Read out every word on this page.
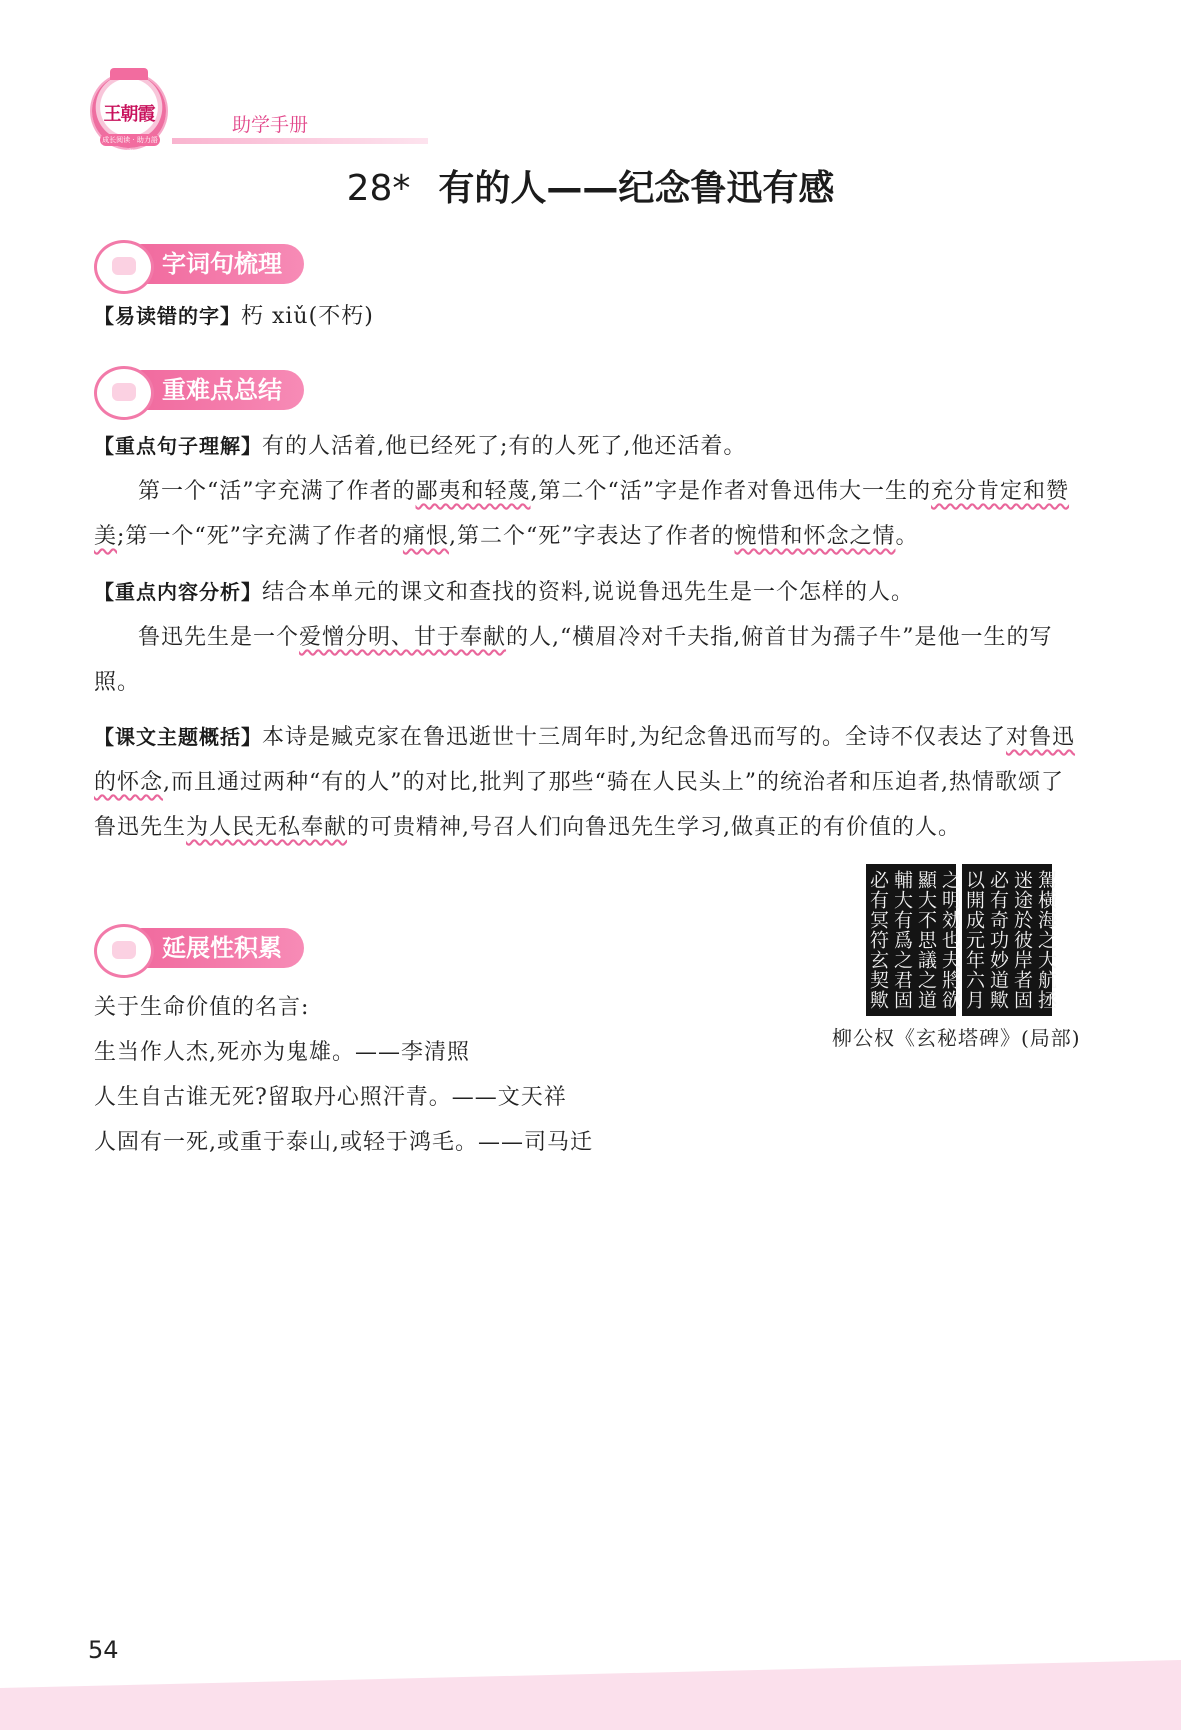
王朝霞
成长阅读 · 助力語文
助学手册
28* 有的人——纪念鲁迅有感
字词句梳理
【易读错的字】朽 xiǔ(不朽)
重难点总结
【重点句子理解】有的人活着,他已经死了;有的人死了,他还活着。
第一个“活”字充满了作者的鄙夷和轻蔑,第二个“活”字是作者对鲁迅伟大一生的充分肯定和赞美;第一个“死”字充满了作者的痛恨,第二个“死”字表达了作者的惋惜和怀念之情。
【重点内容分析】结合本单元的课文和查找的资料,说说鲁迅先生是一个怎样的人。
鲁迅先生是一个爱憎分明、甘于奉献的人,“横眉冷对千夫指,俯首甘为孺子牛”是他一生的写照。
【课文主题概括】本诗是臧克家在鲁迅逝世十三周年时,为纪念鲁迅而写的。全诗不仅表达了对鲁迅的怀念,而且通过两种“有的人”的对比,批判了那些“骑在人民头上”的统治者和压迫者,热情歌颂了鲁迅先生为人民无私奉献的可贵精神,号召人们向鲁迅先生学习,做真正的有价值的人。
必有冥符玄契歟 輔大有爲之君固 顯大不思議之道 之明効也夫將欲 以開成元年六月 必有奇功妙道歟 迷途於彼岸者固 駕橫海之大航拯
柳公权《玄秘塔碑》(局部)
延展性积累
关于生命价值的名言:
生当作人杰,死亦为鬼雄。——李清照
人生自古谁无死?留取丹心照汗青。——文天祥
人固有一死,或重于泰山,或轻于鸿毛。——司马迁
54
